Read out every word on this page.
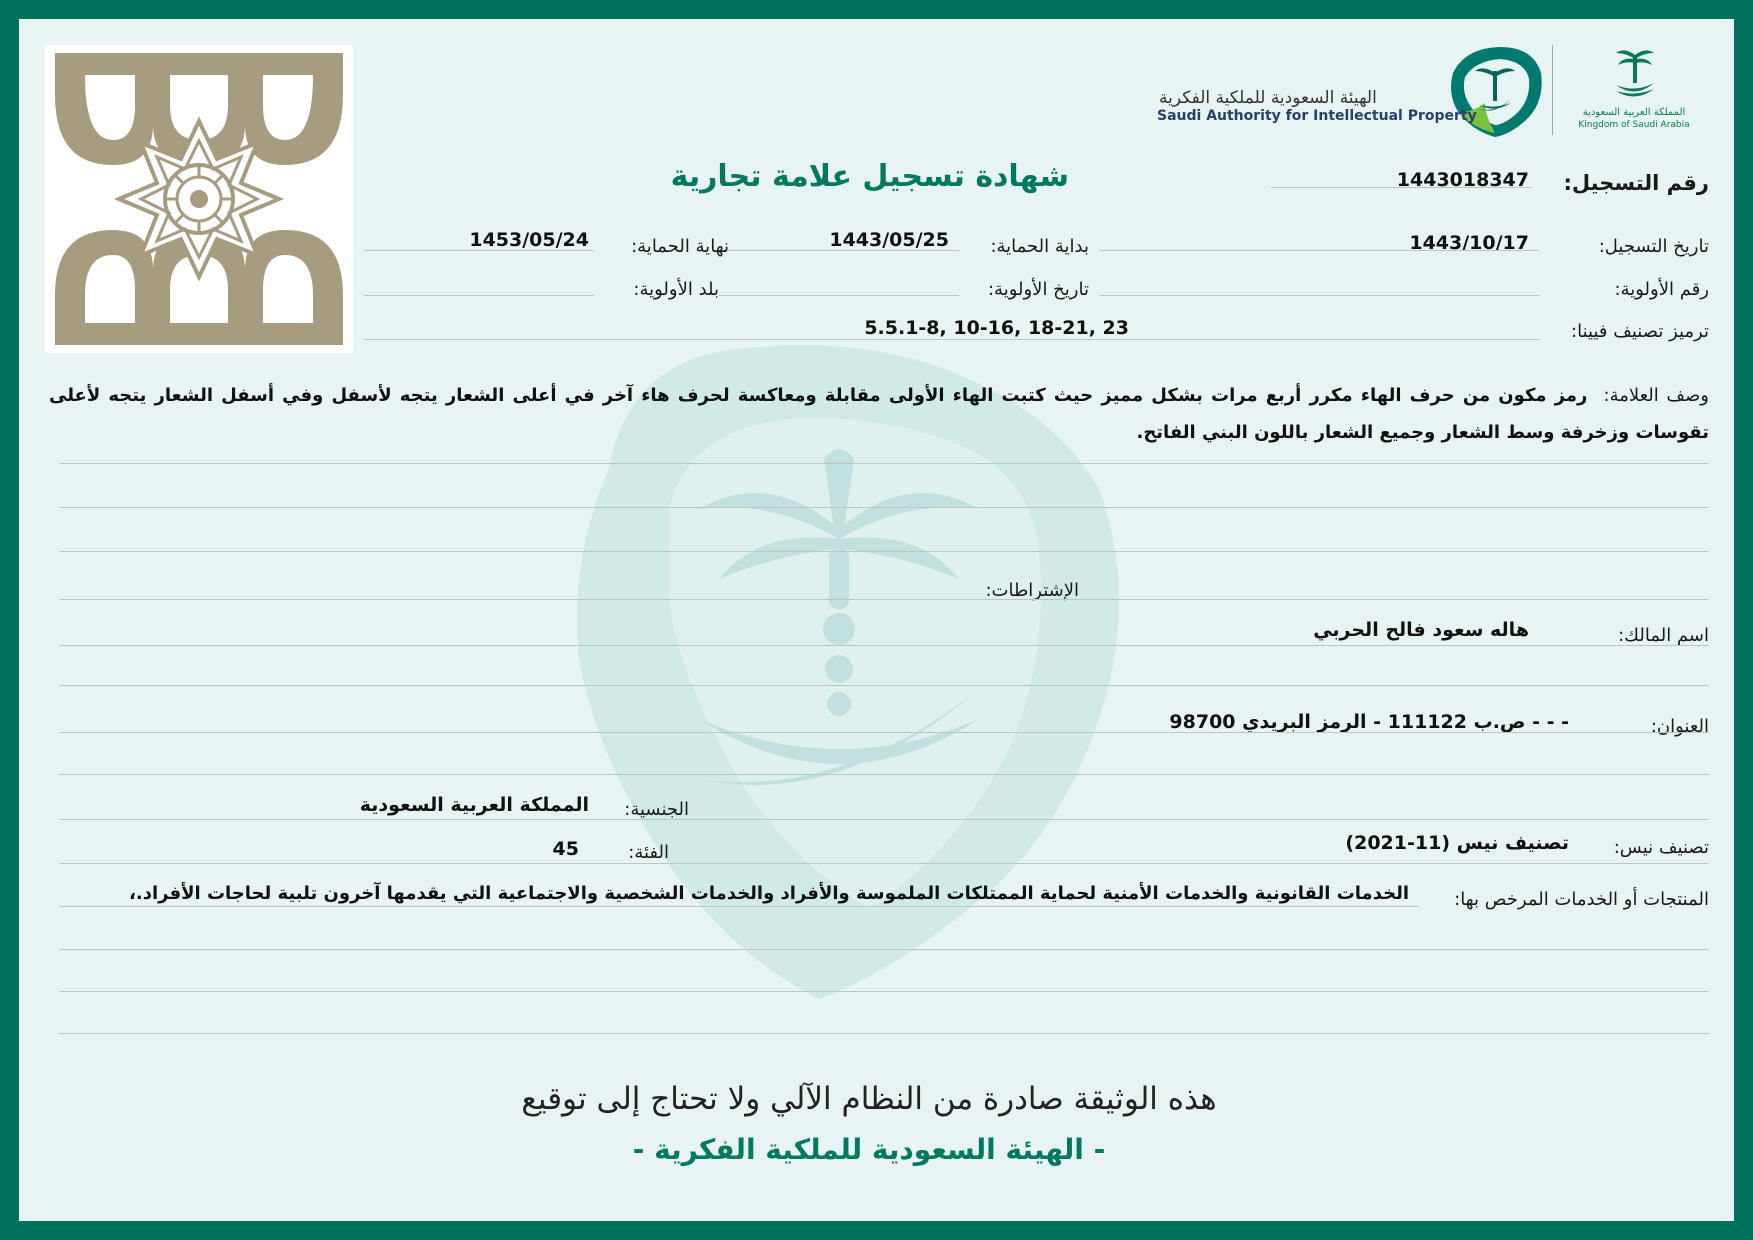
الهيئة السعودية للملكية الفكرية
Saudi Authority for Intellectual Property	المملكة العربية السعودية
Kingdom of Saudi Arabia
شهادة تسجيل علامة تجارية	رقم التسجيل:
1443018347
تاريخ التسجيل:
1443/10/17
بداية الحماية:
1443/05/25
نهاية الحماية:
1453/05/24
رقم الأولوية:
تاريخ الأولوية:
بلد الأولوية:
ترميز تصنيف فيينا:
5.5.1-8, 10-16, 18-21, 23
وصف العلامة: رمز مكون من حرف الهاء مكرر أربع مرات بشكل مميز حيث كتبت الهاء الأولى مقابلة ومعاكسة لحرف هاء آخر في أعلى الشعار يتجه لأسفل وفي أسفل الشعار يتجه لأعلى تقوسات وزخرفة وسط الشعار وجميع الشعار باللون البني الفاتح.
الإشتراطات:
اسم المالك:
هاله سعود فالح الحربي
العنوان:
- - - ص.ب 111122 - الرمز البريدي 98700
الجنسية:
المملكة العربية السعودية
تصنيف نيس:
تصنيف نيس (11-2021)
الفئة:
45
المنتجات أو الخدمات المرخص بها:
الخدمات القانونية والخدمات الأمنية لحماية الممتلكات الملموسة والأفراد والخدمات الشخصية والاجتماعية التي يقدمها آخرون تلبية لحاجات الأفراد.،
هذه الوثيقة صادرة من النظام الآلي ولا تحتاج إلى توقيع
- الهيئة السعودية للملكية الفكرية -
